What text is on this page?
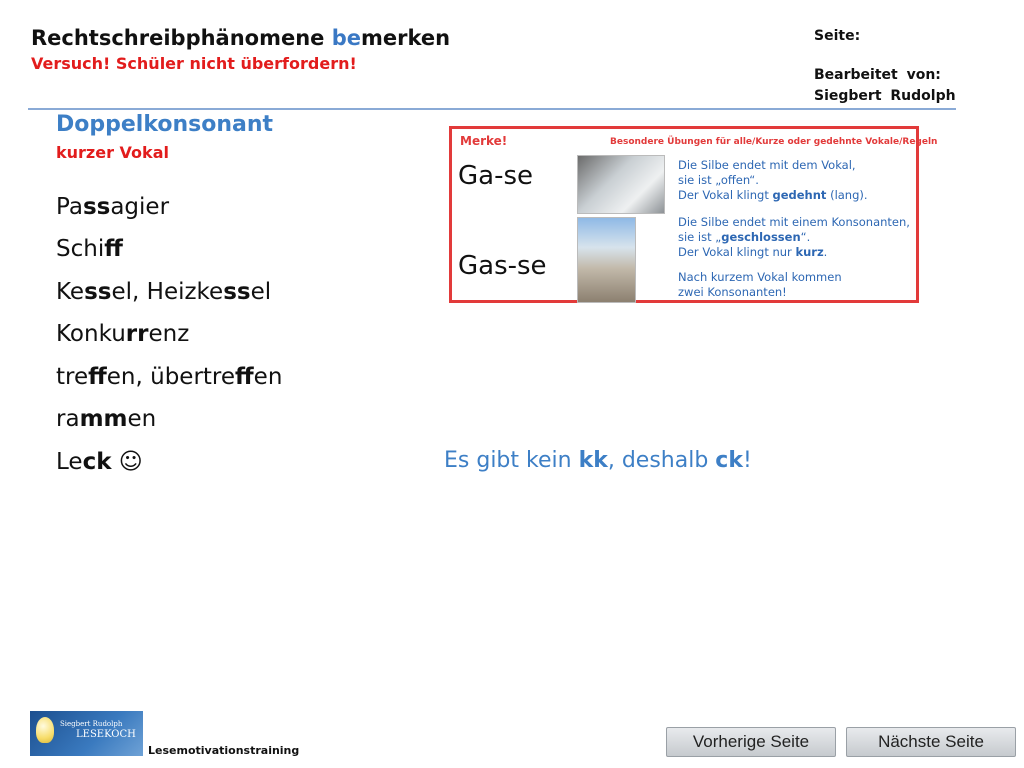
Rechtschreibphänomene bemerken
Versuch! Schüler nicht überfordern!
Seite:
Bearbeitet von:
Siegbert Rudolph
Doppelkonsonant
kurzer Vokal
Passagier
Schiff
Kessel, Heizkessel
Konkurrenz
treffen, übertreffen
rammen
Leck ☺
Merke!	Besondere Übungen für alle/Kurze oder gedehnte Vokale/Regeln
Ga-se
Gas-se
Die Silbe endet mit dem Vokal,
sie ist „offen“.
Der Vokal klingt gedehnt (lang).
Die Silbe endet mit einem Konsonanten,
sie ist „geschlossen“.
Der Vokal klingt nur kurz.
Nach kurzem Vokal kommen
zwei Konsonanten!
Es gibt kein kk, deshalb ck!
Siegbert Rudolph
LESEKOCH
Lesemotivationstraining	Vorherige Seite	Nächste Seite
